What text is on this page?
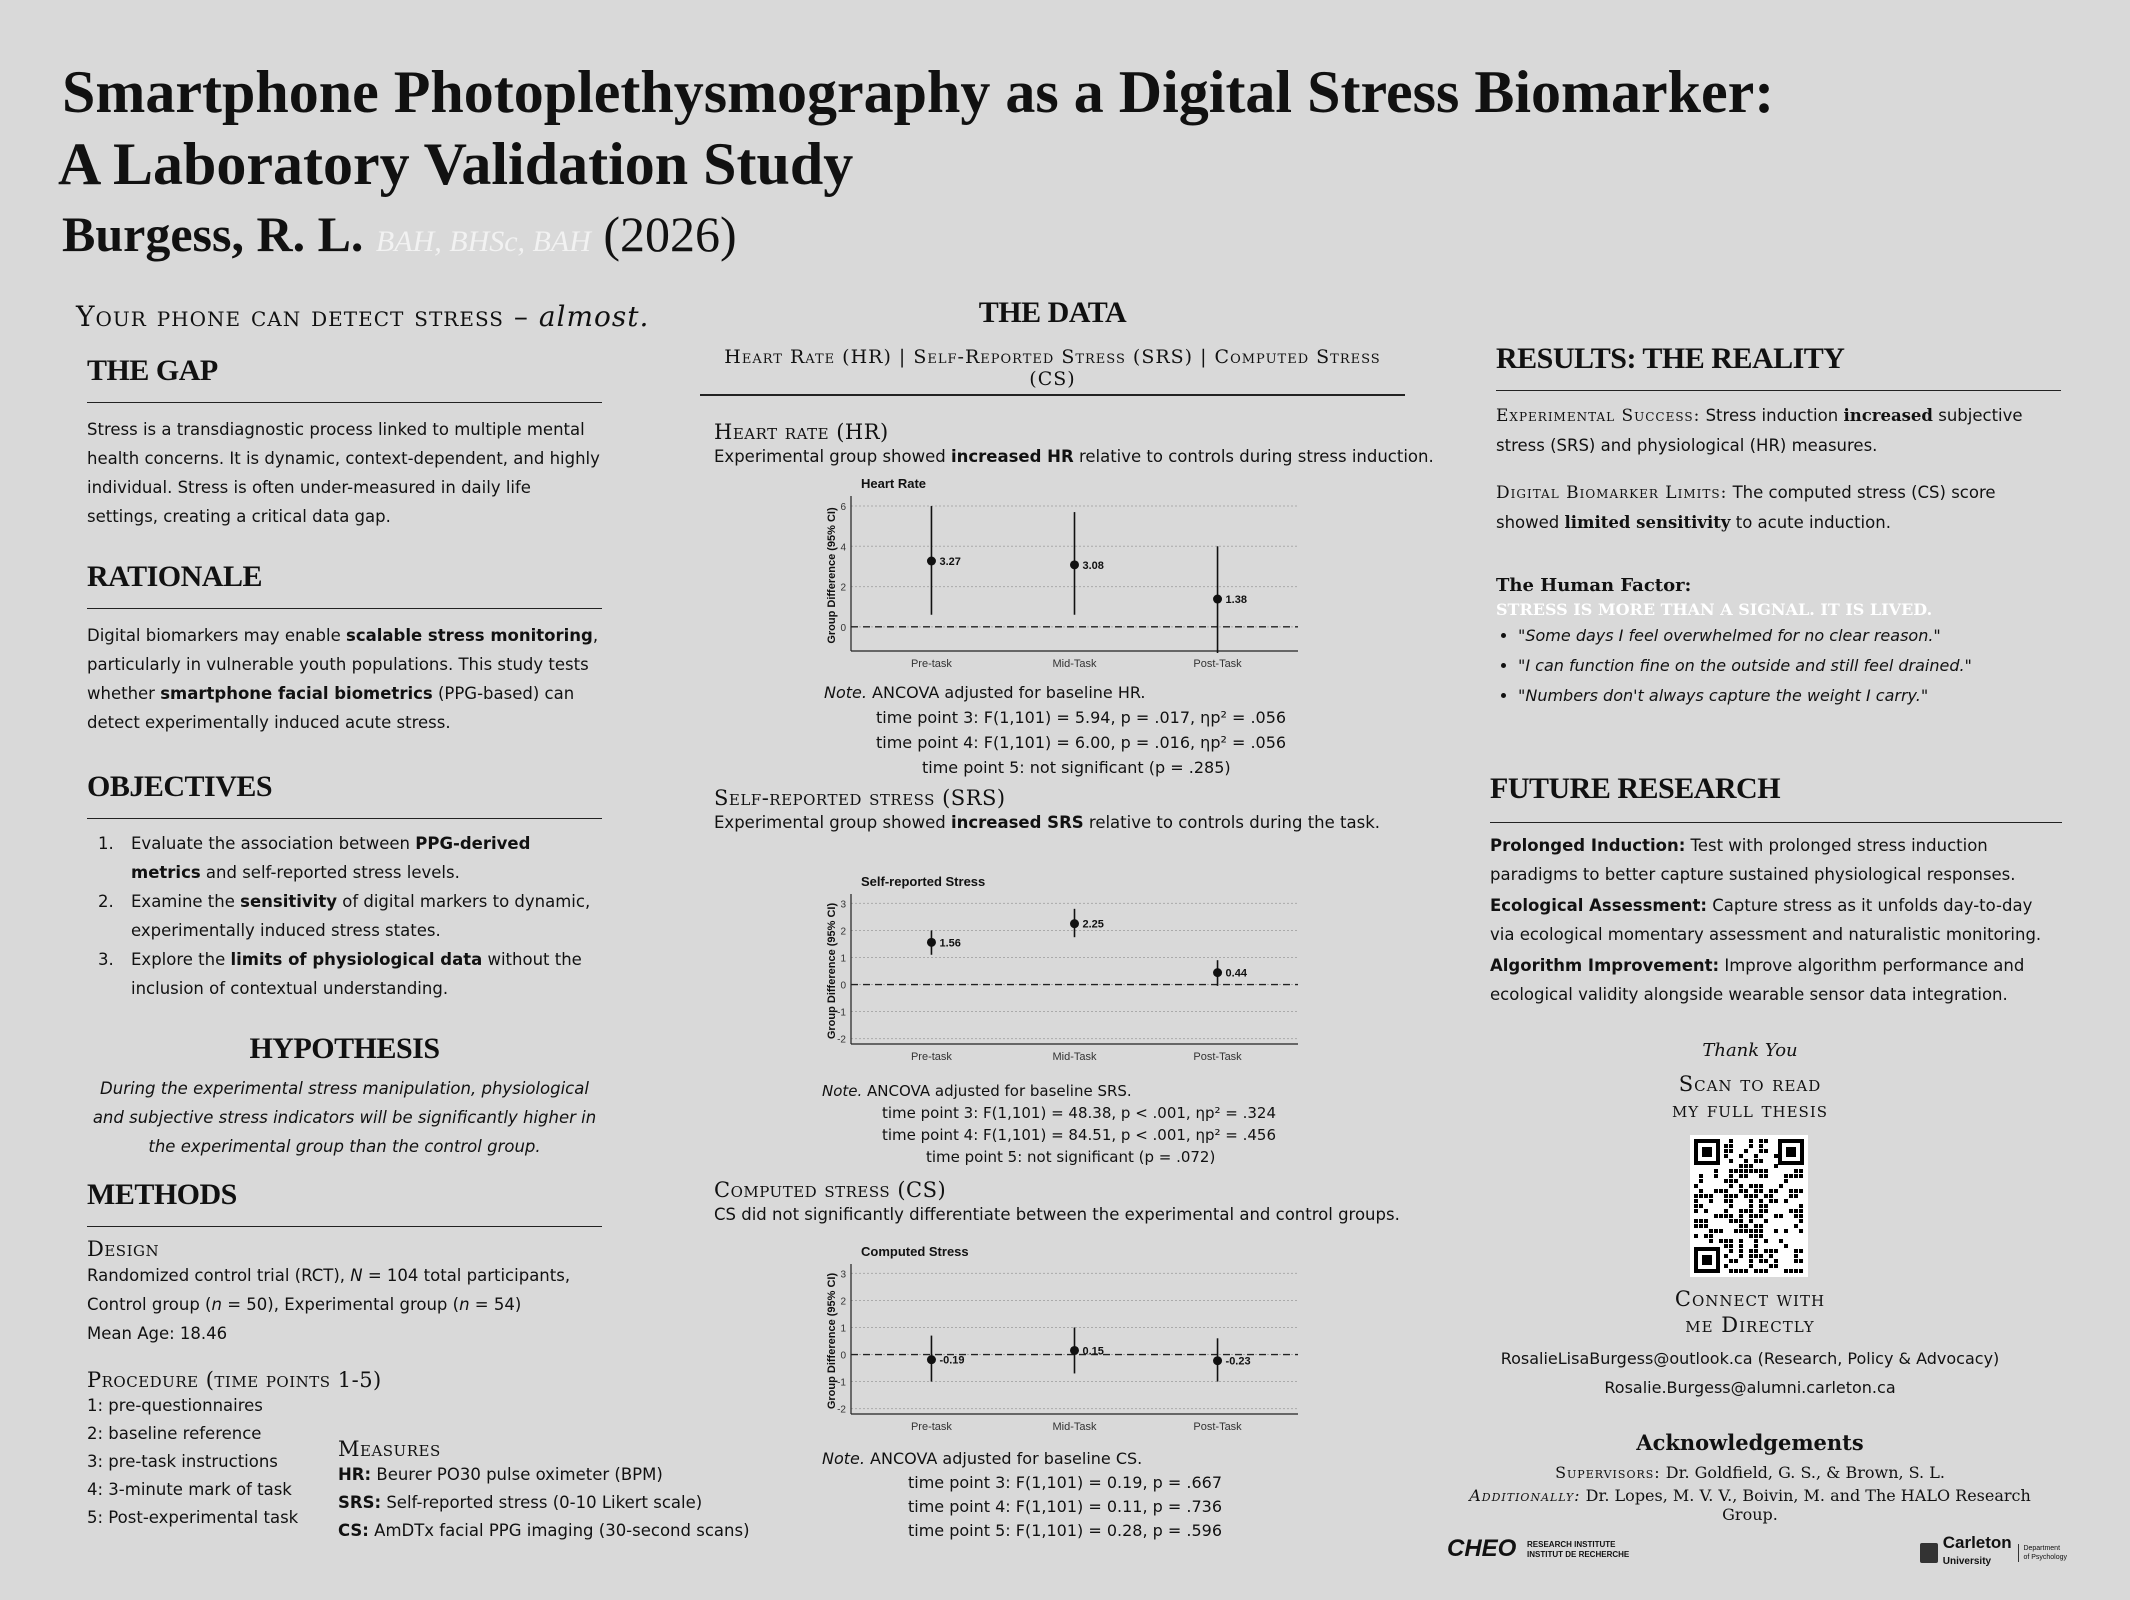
Smartphone Photoplethysmography as a Digital Stress Biomarker:
A Laboratory Validation Study
Burgess, R. L. BAH, BHSc, BAH (2026)
Your phone can detect stress – almost.
THE GAP

Stress is a transdiagnostic process linked to multiple mental health concerns. It is dynamic, context-dependent, and highly individual. Stress is often under-measured in daily life settings, creating a critical data gap.

RATIONALE

Digital biomarkers may enable scalable stress monitoring, particularly in vulnerable youth populations. This study tests whether smartphone facial biometrics (PPG-based) can detect experimentally induced acute stress.

OBJECTIVES
1. Evaluate the association between PPG-derived metrics and self-reported stress levels.
2. Examine the sensitivity of digital markers to dynamic, experimentally induced stress states.
3. Explore the limits of physiological data without the inclusion of contextual understanding.
HYPOTHESIS

During the experimental stress manipulation, physiological and subjective stress indicators will be significantly higher in the experimental group than the control group.

METHODS
Design
Randomized control trial (RCT), N = 104 total participants,
Control group (n = 50), Experimental group (n = 54)
Mean Age: 18.46
Procedure (time points 1-5)
1: pre-questionnaires
2: baseline reference
3: pre-task instructions
4: 3-minute mark of task
5: Post-experimental task
Measures
HR: Beurer PO30 pulse oximeter (BPM)
SRS: Self-reported stress (0-10 Likert scale)
CS: AmDTx facial PPG imaging (30-second scans)
THE DATA
Heart Rate (HR) | Self-Reported Stress (SRS) | Computed Stress (CS)
Heart rate (HR)
Experimental group showed increased HR relative to controls during stress induction.
Heart Rate
0
2
4
6
Group Difference (95% CI)	3.27
Pre-task
3.08
Mid-Task
1.38
Post-Task
Note. ANCOVA adjusted for baseline HR.
time point 3: F(1,101) = 5.94, p = .017, ηp² = .056
time point 4: F(1,101) = 6.00, p = .016, ηp² = .056
time point 5: not significant (p = .285)
Self-reported stress (SRS)
Experimental group showed increased SRS relative to controls during the task.
Self-reported Stress
-2
-1
0
1
2
3
Group Difference (95% CI)	1.56
Pre-task
2.25
Mid-Task
0.44
Post-Task
Note. ANCOVA adjusted for baseline SRS.
time point 3: F(1,101) = 48.38, p < .001, ηp² = .324
time point 4: F(1,101) = 84.51, p < .001, ηp² = .456
time point 5: not significant (p = .072)
Computed stress (CS)
CS did not significantly differentiate between the experimental and control groups.
Computed Stress
-2
-1
0
1
2
3
Group Difference (95% CI)	-0.19
Pre-task
0.15
Mid-Task
-0.23
Post-Task
Note. ANCOVA adjusted for baseline CS.
time point 3: F(1,101) = 0.19, p = .667
time point 4: F(1,101) = 0.11, p = .736
time point 5: F(1,101) = 0.28, p = .596
RESULTS: THE REALITY

Experimental Success: Stress induction increased subjective stress (SRS) and physiological (HR) measures.

Digital Biomarker Limits: The computed stress (CS) score showed limited sensitivity to acute induction.

The Human Factor:
STRESS IS MORE THAN A SIGNAL. IT IS LIVED.
• "Some days I feel overwhelmed for no clear reason."
• "I can function fine on the outside and still feel drained."
• "Numbers don't always capture the weight I carry."
FUTURE RESEARCH

Prolonged Induction: Test with prolonged stress induction paradigms to better capture sustained physiological responses.

Ecological Assessment: Capture stress as it unfolds day-to-day via ecological momentary assessment and naturalistic monitoring.

Algorithm Improvement: Improve algorithm performance and ecological validity alongside wearable sensor data integration.

Thank You
Scan to read
my full thesis
Connect with
me Directly
RosalieLisaBurgess@outlook.ca (Research, Policy & Advocacy)
Rosalie.Burgess@alumni.carleton.ca
Acknowledgements
Supervisors: Dr. Goldfield, G. S., & Brown, S. L.
Additionally: Dr. Lopes, M. V. V., Boivin, M. and The HALO Research Group.
CHEO RESEARCH INSTITUTE
INSTITUT DE RECHERCHE
Carleton
University Department
of Psychology
